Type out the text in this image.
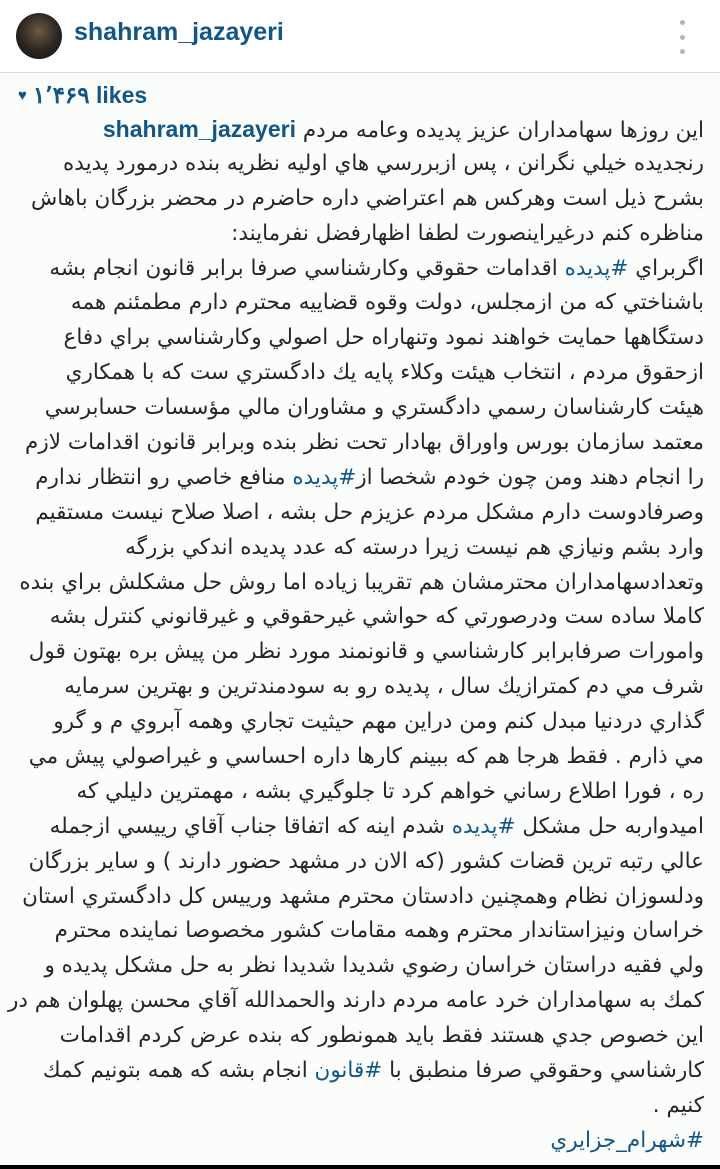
shahram_jazayeri
♥ ۱٬۴۶۹ likes
این روزها سهامداران عزیز پدیده وعامه مردم shahram_jazayeri
رنجدیده خیلي نگرانن ، پس ازبررسي هاي اولیه نظریه بنده درمورد پدیده
بشرح ذیل است وهرکس هم اعتراضي داره حاضرم در محضر بزرگان باهاش
مناظره کنم درغیراینصورت لطفا اظهارفضل نفرمایند:
اگربراي #پدیده اقدامات حقوقي وکارشناسي صرفا برابر قانون انجام بشه
باشناختي که من ازمجلس، دولت وقوه قضاییه محترم دارم مطمئنم همه
دستگاهها حمایت خواهند نمود وتنهاراه حل اصولي وکارشناسي براي دفاع
ازحقوق مردم ، انتخاب هیئت وکلاء پایه یك دادگستري ست که با همکاري
هیئت کارشناسان رسمي دادگستري و مشاوران مالي مؤسسات حسابرسي
معتمد سازمان بورس واوراق بهادار تحت نظر بنده وبرابر قانون اقدامات لازم
را انجام دهند ومن چون خودم شخصا از#پدیده منافع خاصي رو انتظار ندارم
وصرفادوست دارم مشکل مردم عزیزم حل بشه ، اصلا صلاح نیست مستقیم
وارد بشم ونیازي هم نیست زیرا درسته که عدد پدیده اندکي بزرگه
وتعدادسهامداران محترمشان هم تقریبا زیاده اما روش حل مشکلش براي بنده
کاملا ساده ست ودرصورتي که حواشي غیرحقوقي و غیرقانوني کنترل بشه
وامورات صرفابرابر کارشناسي و قانونمند مورد نظر من پیش بره بهتون قول
شرف مي دم کمترازیك سال ، پدیده رو به سودمندترین و بهترین سرمایه
گذاري دردنیا مبدل کنم ومن دراین مهم حیثیت تجاري وهمه آبروي م و گرو
مي ذارم . فقط هرجا هم که ببینم کارها داره احساسي و غیراصولي پیش مي
ره ، فورا اطلاع رساني خواهم کرد تا جلوگیري بشه ، مهمترین دلیلي که
امیدواربه حل مشکل #پدیده شدم اینه که اتفاقا جناب آقاي رییسي ازجمله
عالي رتبه ترین قضات کشور (که الان در مشهد حضور دارند ) و سایر بزرگان
ودلسوزان نظام وهمچنین دادستان محترم مشهد ورییس کل دادگستري استان
خراسان ونیزاستاندار محترم وهمه مقامات کشور مخصوصا نماینده محترم
ولي فقیه دراستان خراسان رضوي شدیدا شدیدا نظر به حل مشکل پدیده و
کمك به سهامداران خرد عامه مردم دارند والحمدالله آقاي محسن پهلوان هم در
این خصوص جدي هستند فقط باید همونطور که بنده عرض کردم اقدامات
کارشناسي وحقوقي صرفا منطبق با #قانون انجام بشه که همه بتونیم کمك
کنیم .
#شهرام_جزایري
